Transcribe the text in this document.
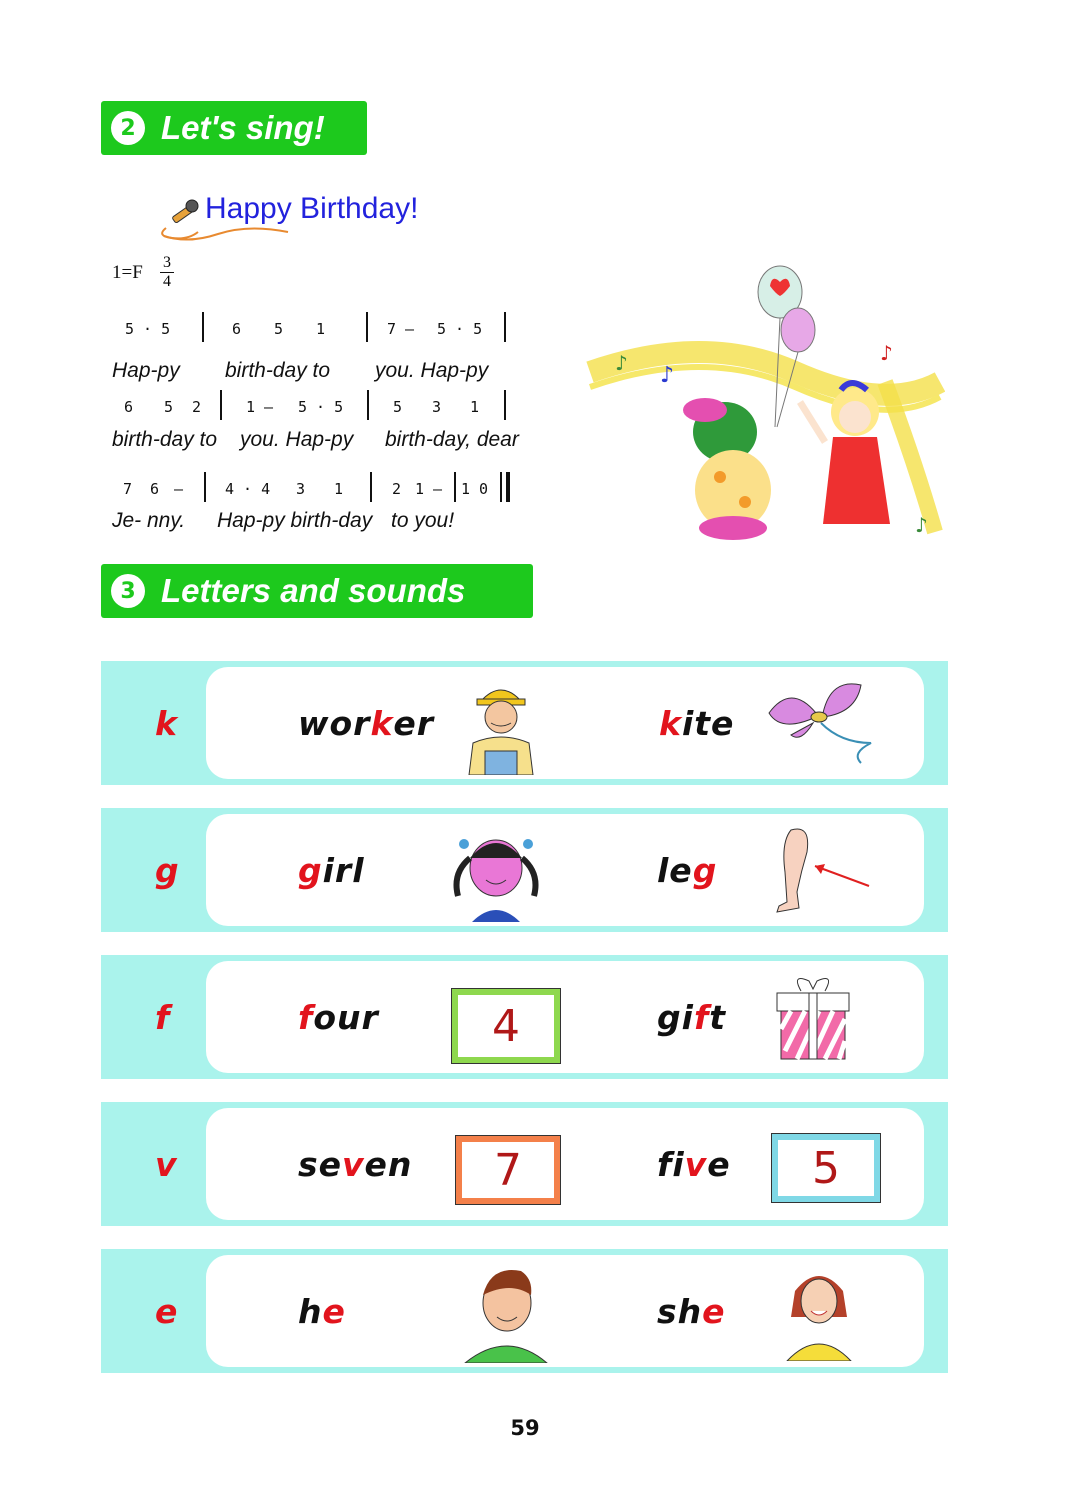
2 Let's sing!
Happy Birthday!
1=F 3
4
5 · 5	6 5 1	7 – 5 · 5
Hap-py birth-day to you. Hap-py
6 5 2	1 – 5 · 5	5 3 1
birth-day to you. Hap-py birth-day, dear
7 6 –	4 · 4 3 1	2 1 – 1 0
Je- nny. Hap-py birth-day to you!
♪	♪
♪
♪
3 Letters and sounds
k	wor k er	k ite
g	g irl	le g
f	f our	4	gi f t
v	se v en	7	fi v e	5
e	h e	sh e
59
